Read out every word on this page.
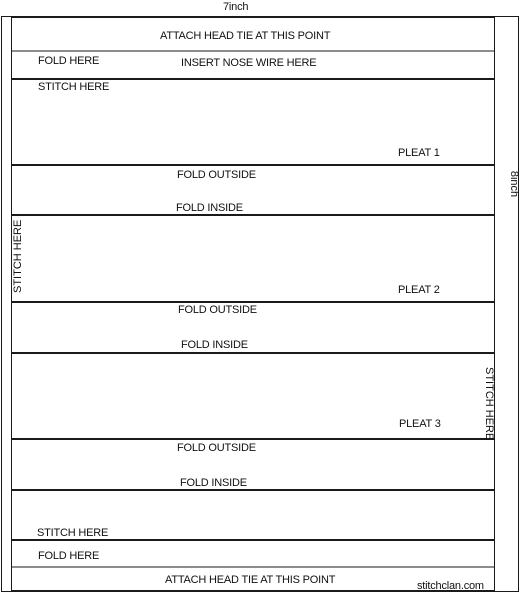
7inch
8inch
ATTACH HEAD TIE AT THIS POINT
FOLD HERE	INSERT NOSE WIRE HERE
STITCH HERE
PLEAT 1
FOLD OUTSIDE
FOLD INSIDE
STITCH HERE	PLEAT 2
FOLD OUTSIDE
FOLD INSIDE
STITCH HERE
PLEAT 3
FOLD OUTSIDE
FOLD INSIDE
STITCH HERE
FOLD HERE
ATTACH HEAD TIE AT THIS POINT	stitchclan.com
